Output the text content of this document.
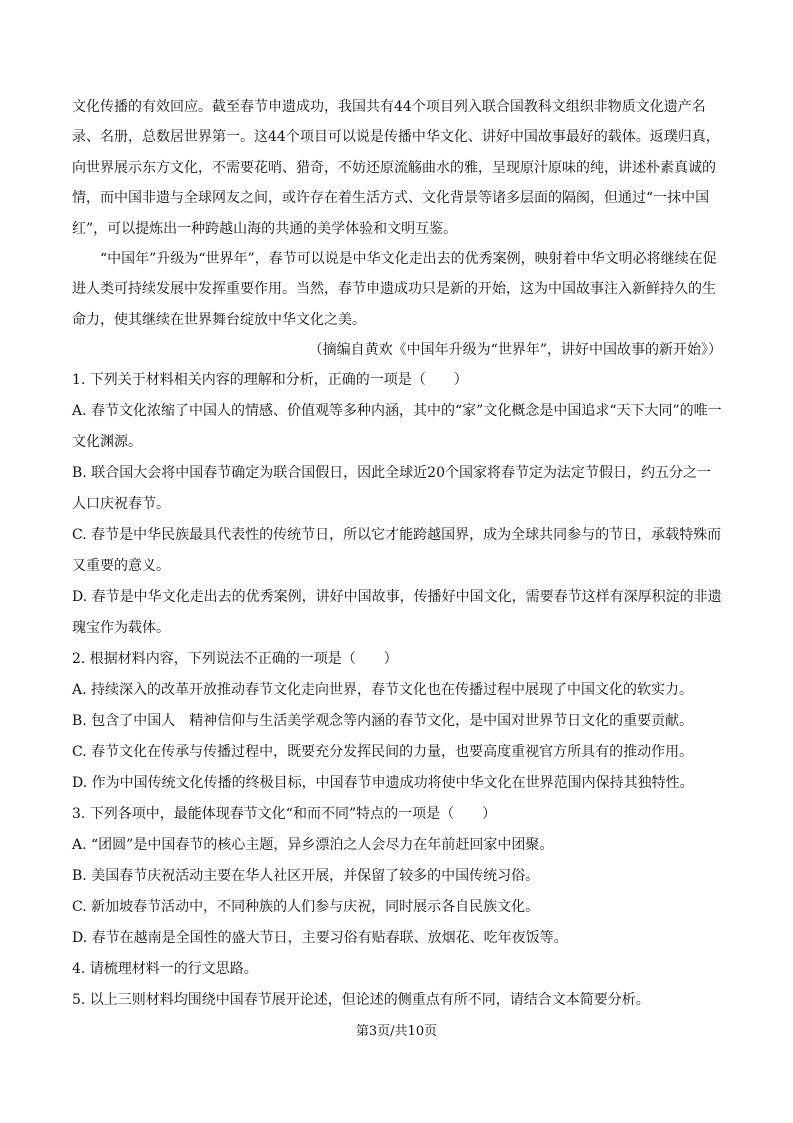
文化传播的有效回应。截至春节申遗成功，我国共有44个项目列入联合国教科文组织非物质文化遗产名录、名册，总数居世界第一。这44个项目可以说是传播中华文化、讲好中国故事最好的载体。返璞归真，向世界展示东方文化，不需要花哨、猎奇，不妨还原流觞曲水的雅，呈现原汁原味的纯，讲述朴素真诚的情，而中国非遗与全球网友之间，或许存在着生活方式、文化背景等诸多层面的隔阂，但通过“一抹中国红”，可以提炼出一种跨越山海的共通的美学体验和文明互鉴。

“中国年”升级为“世界年”，春节可以说是中华文化走出去的优秀案例，映射着中华文明必将继续在促进人类可持续发展中发挥重要作用。当然，春节申遗成功只是新的开始，这为中国故事注入新鲜持久的生命力，使其继续在世界舞台绽放中华文化之美。

（摘编自黄欢《中国年升级为“世界年”，讲好中国故事的新开始》）

1. 下列关于材料相关内容的理解和分析，正确的一项是（　　）

A. 春节文化浓缩了中国人的情感、价值观等多种内涵，其中的“家”文化概念是中国追求“天下大同”的唯一文化渊源。

B. 联合国大会将中国春节确定为联合国假日，因此全球近20个国家将春节定为法定节假日，约五分之一人口庆祝春节。

C. 春节是中华民族最具代表性的传统节日，所以它才能跨越国界，成为全球共同参与的节日，承载特殊而又重要的意义。

D. 春节是中华文化走出去的优秀案例，讲好中国故事，传播好中国文化，需要春节这样有深厚积淀的非遗瑰宝作为载体。

2. 根据材料内容，下列说法不正确的一项是（　　）

A. 持续深入的改革开放推动春节文化走向世界，春节文化也在传播过程中展现了中国文化的软实力。

B. 包含了中国人　精神信仰与生活美学观念等内涵的春节文化，是中国对世界节日文化的重要贡献。

C. 春节文化在传承与传播过程中，既要充分发挥民间的力量，也要高度重视官方所具有的推动作用。

D. 作为中国传统文化传播的终极目标，中国春节申遗成功将使中华文化在世界范围内保持其独特性。

3. 下列各项中，最能体现春节文化“和而不同”特点的一项是（　　）

A. “团圆”是中国春节的核心主题，异乡漂泊之人会尽力在年前赶回家中团聚。

B. 美国春节庆祝活动主要在华人社区开展，并保留了较多的中国传统习俗。

C. 新加坡春节活动中，不同种族的人们参与庆祝，同时展示各自民族文化。

D. 春节在越南是全国性的盛大节日，主要习俗有贴春联、放烟花、吃年夜饭等。

4. 请梳理材料一的行文思路。

5. 以上三则材料均围绕中国春节展开论述，但论述的侧重点有所不同，请结合文本简要分析。

第3页/共10页
